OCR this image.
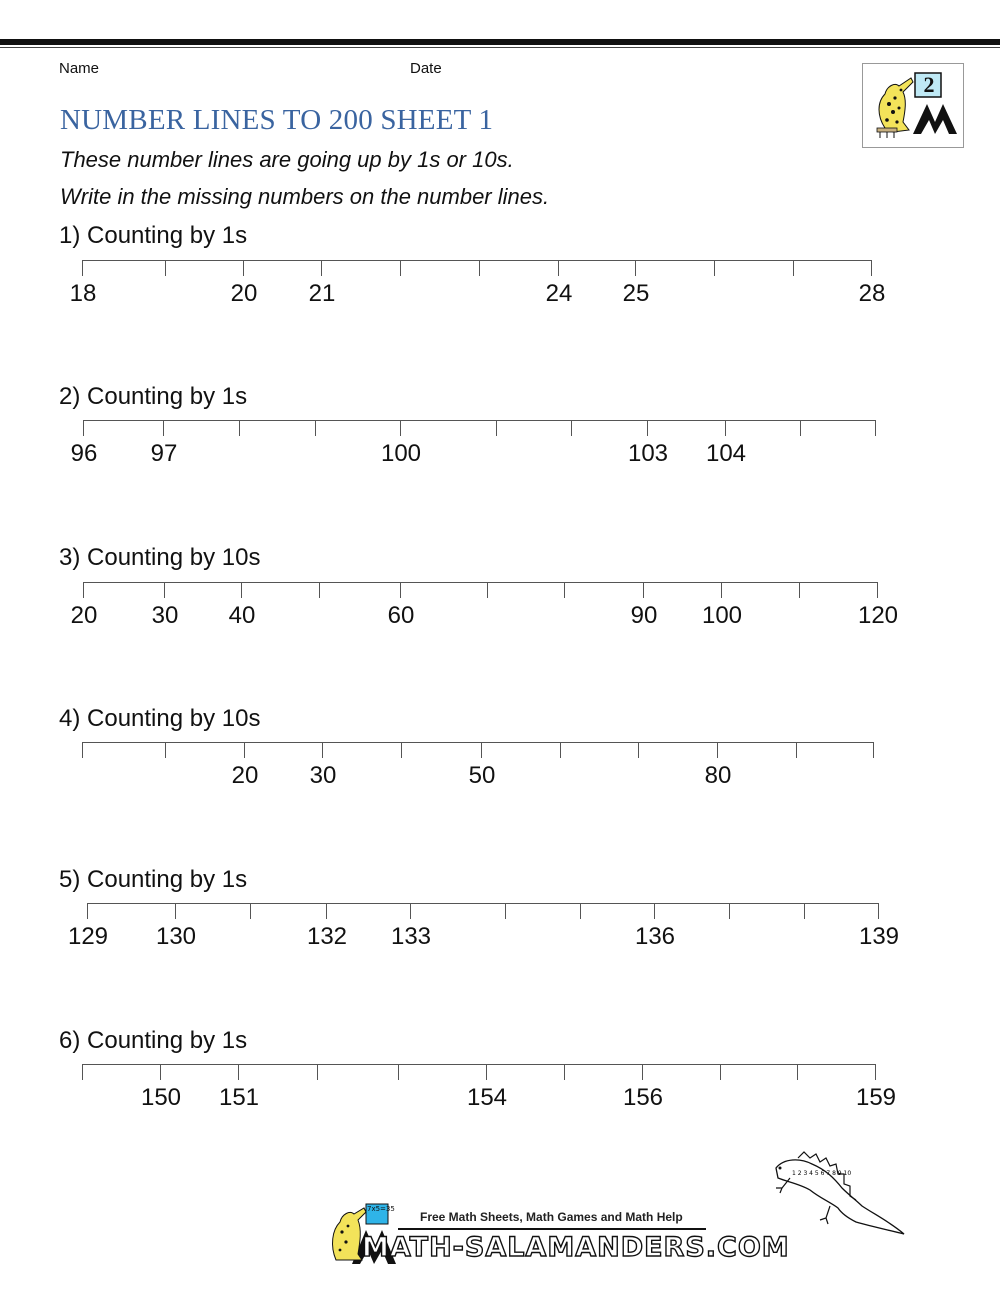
Name	Date
NUMBER LINES TO 200 SHEET 1
These number lines are going up by 1s or 10s.
Write in the missing numbers on the number lines.
2
1) Counting by 1s
18	20 21	24 25	28
2) Counting by 1s
96 97	100	103 104
3) Counting by 10s
20 30 40	60	90 100	120
4) Counting by 10s
20 30	50	80
5) Counting by 1s
129 130	132 133	136	139
6) Counting by 1s
150 151	154	156	159
1 2 3 4 5 6 7 8 9 10
7x5=35
Free Math Sheets, Math Games and Math Help
MATH-SALAMANDERS.COM
